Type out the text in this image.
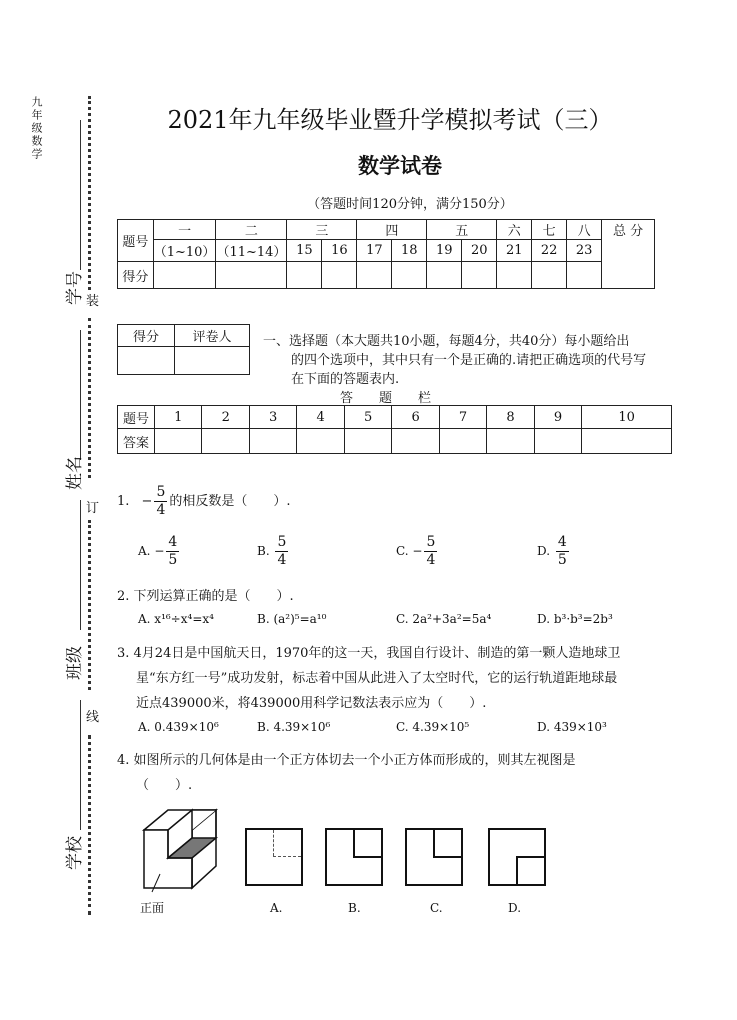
九年级数学
学号 装
姓名
订
班级
线
学校
2021年九年级毕业暨升学模拟考试（三）
数学试卷
（答题时间120分钟，满分150分）
题号	一	二	三		四		五		六	七	八	总 分
	（1~10）	（11~14）	15	16	17	18	19	20	21	22	23	
得分												
得分	评卷人
	一、选择题（本大题共10小题，每题4分，共40分）每小题给出
的四个选项中，其中只有一个是正确的.请把正确选项的代号写
在下面的答题表内.
答　　题　　栏
题号	1	2	3	4	5	6	7	8	9	10
答案										
1. − $\frac{5}{4}$ 的相反数是（　　）.
A. − $\frac{4}{5}$	B. $\frac{5}{4}$	C. − $\frac{5}{4}$	D. $\frac{4}{5}$
2. 下列运算正确的是（　　）.
A. x¹⁶÷x⁴=x⁴	B. (a²)⁵=a¹⁰	C. 2a²+3a²=5a⁴	D. b³·b³=2b³
3. 4月24日是中国航天日，1970年的这一天，我国自行设计、制造的第一颗人造地球卫
星“东方红一号”成功发射，标志着中国从此进入了太空时代，它的运行轨道距地球最
近点439000米，将439000用科学记数法表示应为（　　）.
A. 0.439×10⁶	B. 4.39×10⁶	C. 4.39×10⁵	D. 439×10³
4. 如图所示的几何体是由一个正方体切去一个小正方体而形成的，则其左视图是
（　　）.
正面	A.	B.	C.	D.
